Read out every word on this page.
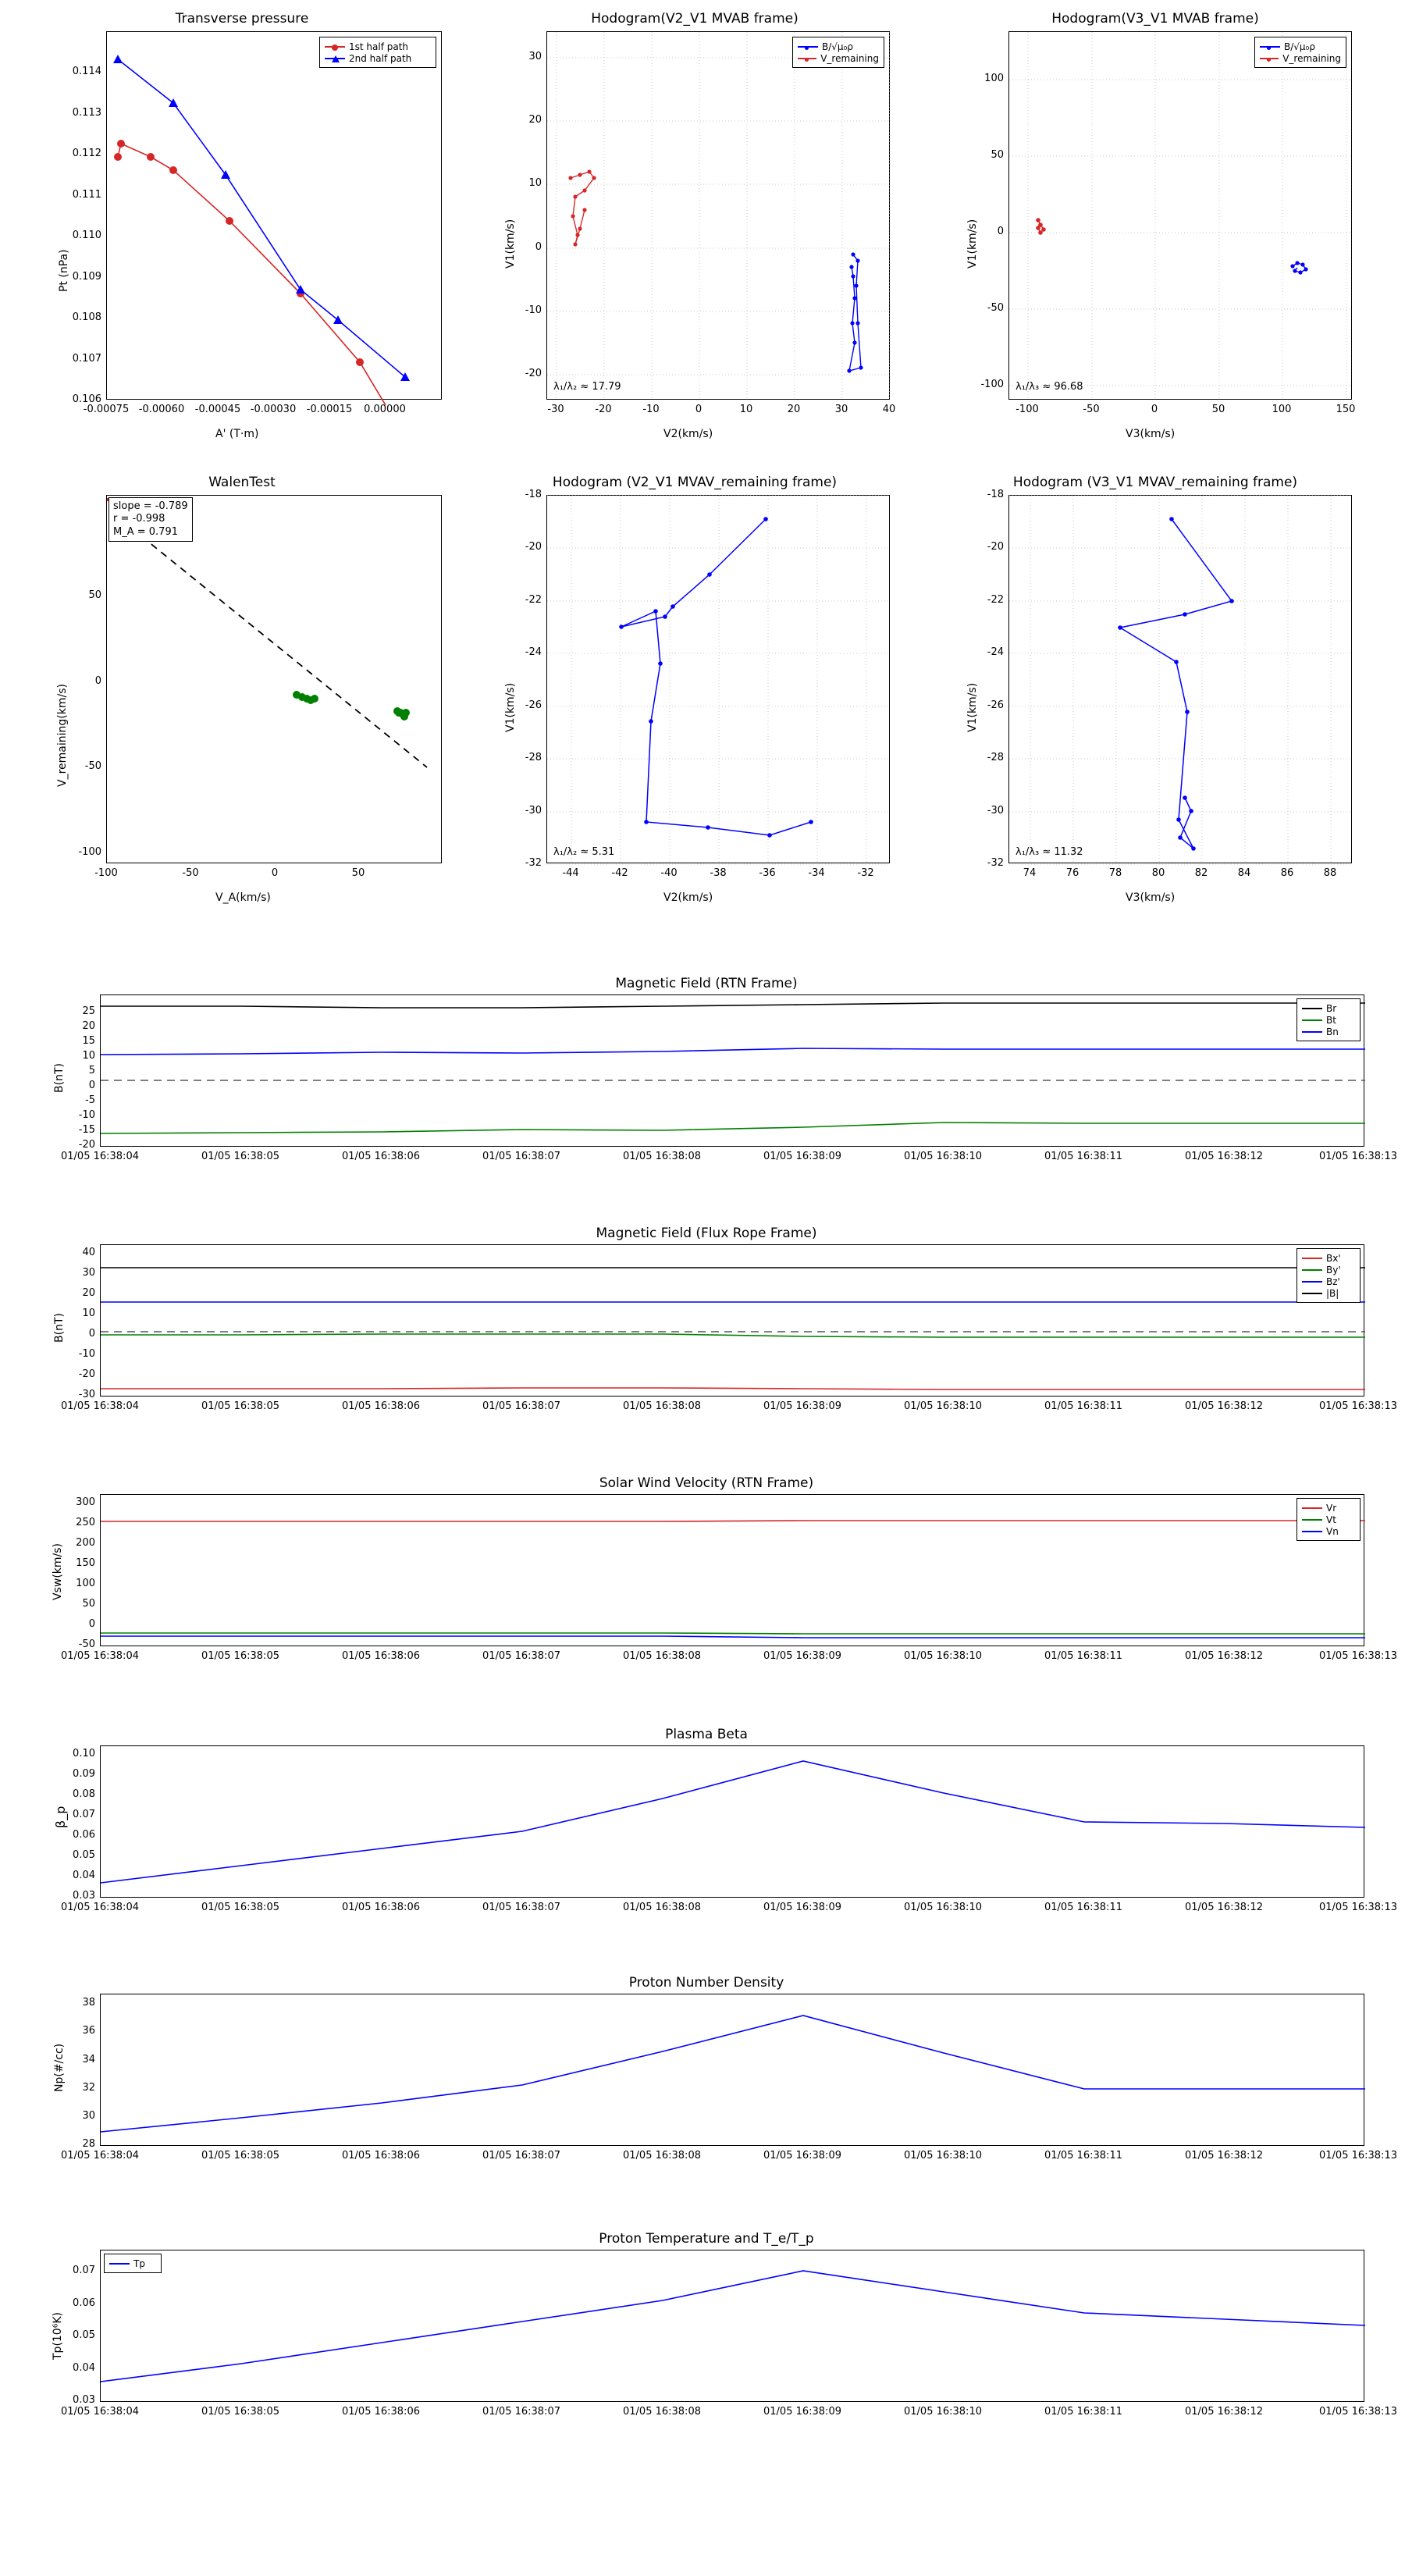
Transverse pressure
1st half path
2nd half path
Pt (nPa)
A' (T·m)
0.106
0.107
0.108
0.109
0.110
0.111
0.112
0.113
0.114
-0.00075 -0.00060	-0.00045 -0.00030	-0.00015	0.00000
Hodogram(V2_V1 MVAB frame)
B/√μ₀ρ
V_remaining
λ₁/λ₂ ≈ 17.79
V1(km/s)
V2(km/s)
-20
-10
0
10
20
30
-30	-20	-10	0	10	20	30	40
Hodogram(V3_V1 MVAB frame)
B/√μ₀ρ
V_remaining
λ₁/λ₃ ≈ 96.68
V1(km/s)
V3(km/s)
-100
-50
0
50
100
-100	-50	0	50	100	150
WalenTest
slope = -0.789
r = -0.998
M_A = 0.791
V_remaining(km/s)
V_A(km/s)
-100
-50
0
50
-100	-50	0	50
Hodogram (V2_V1 MVAV_remaining frame)
λ₁/λ₂ ≈ 5.31
V1(km/s)
V2(km/s)
-32
-30
-28
-26
-24
-22
-20
-18
-44	-42	-40	-38	-36	-34	-32
Hodogram (V3_V1 MVAV_remaining frame)
λ₁/λ₃ ≈ 11.32
V1(km/s)
V3(km/s)
-32
-30
-28
-26
-24
-22
-20
-18
74	76	78	80	82	84	86	88
Magnetic Field (RTN Frame)
Br
Bt
Bn
B(nT)
-20
-15
-10
-5
0
5
10
15
20
25
01/05 16:38:04	01/05 16:38:05	01/05 16:38:06	01/05 16:38:07	01/05 16:38:08	01/05 16:38:09	01/05 16:38:10	01/05 16:38:11	01/05 16:38:12	01/05 16:38:13
Magnetic Field (Flux Rope Frame)
Bx'
By'
Bz'
|B|
B(nT)
-30
-20
-10
0
10
20
30
40
01/05 16:38:04	01/05 16:38:05	01/05 16:38:06	01/05 16:38:07	01/05 16:38:08	01/05 16:38:09	01/05 16:38:10	01/05 16:38:11	01/05 16:38:12	01/05 16:38:13
Solar Wind Velocity (RTN Frame)
Vr
Vt
Vn
Vsw(km/s)
-50
0
50
100
150
200
250
300
01/05 16:38:04	01/05 16:38:05	01/05 16:38:06	01/05 16:38:07	01/05 16:38:08	01/05 16:38:09	01/05 16:38:10	01/05 16:38:11	01/05 16:38:12	01/05 16:38:13
Plasma Beta
β_p
0.03
0.04
0.05
0.06
0.07
0.08
0.09
0.10
01/05 16:38:04	01/05 16:38:05	01/05 16:38:06	01/05 16:38:07	01/05 16:38:08	01/05 16:38:09	01/05 16:38:10	01/05 16:38:11	01/05 16:38:12	01/05 16:38:13
Proton Number Density
Np(#/cc)
28
30
32
34
36
38
01/05 16:38:04	01/05 16:38:05	01/05 16:38:06	01/05 16:38:07	01/05 16:38:08	01/05 16:38:09	01/05 16:38:10	01/05 16:38:11	01/05 16:38:12	01/05 16:38:13
Proton Temperature and T_e/T_p
Tp
Tp(10⁶K)
0.03
0.04
0.05
0.06
0.07
01/05 16:38:04	01/05 16:38:05	01/05 16:38:06	01/05 16:38:07	01/05 16:38:08	01/05 16:38:09	01/05 16:38:10	01/05 16:38:11	01/05 16:38:12	01/05 16:38:13
